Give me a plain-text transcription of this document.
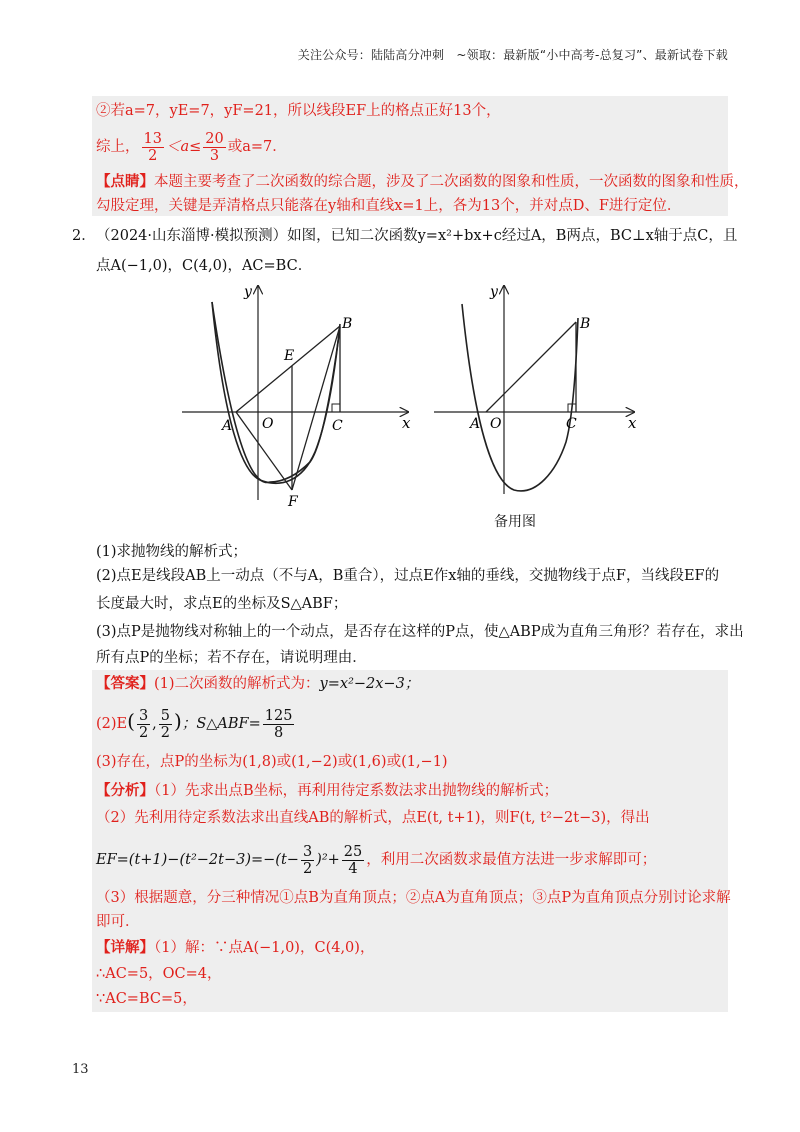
关注公众号：陆陆高分冲刺　~领取：最新版“小中高考-总复习”、最新试卷下载
②若a=7，yE=7，yF=21，所以线段EF上的格点正好13个，
综上， $\frac{13}{2} <a\le \frac{20}{3}$ 或a=7．
【点睛】本题主要考查了二次函数的综合题，涉及了二次函数的图象和性质，一次函数的图象和性质，
勾股定理，关键是弄清格点只能落在y轴和直线x=1上，各为13个，并对点D、F进行定位．
2． （2024·山东淄博·模拟预测）如图，已知二次函数y=x²+bx+c经过A，B两点，BC⊥x轴于点C，且
点A(−1,0)，C(4,0)，AC=BC．
y
x
A O	C
B
E
F
y
x
A O	C
B
备用图
(1)求抛物线的解析式；
(2)点E是线段AB上一动点（不与A，B重合），过点E作x轴的垂线，交抛物线于点F，当线段EF的
长度最大时，求点E的坐标及S△ABF；
(3)点P是抛物线对称轴上的一个动点，是否存在这样的P点，使△ABP成为直角三角形？若存在，求出
所有点P的坐标；若不存在，请说明理由．
【答案】(1)二次函数的解析式为：y=x²−2x−3；
$(2)E( \frac{3}{2}$ , $\frac{5}{2}$ )；S△ABF= $\frac{125}{8}$
(3)存在，点P的坐标为(1,8)或(1,−2)或(1,6)或(1,−1)
【分析】（1）先求出点B坐标，再利用待定系数法求出抛物线的解析式；
（2）先利用待定系数法求出直线AB的解析式，点E(t, t+1)，则F(t, t²−2t−3)，得出
$EF=(t+1)-(t^2-2t-3)=-(t- \frac{3}{2} )^2+ \frac{25}{4}$ ，利用二次函数求最值方法进一步求解即可；
（3）根据题意，分三种情况①点B为直角顶点；②点A为直角顶点；③点P为直角顶点分别讨论求解
即可．
【详解】（1）解：∵点A(−1,0)，C(4,0)，
∴AC=5，OC=4，
∵AC=BC=5，
13
